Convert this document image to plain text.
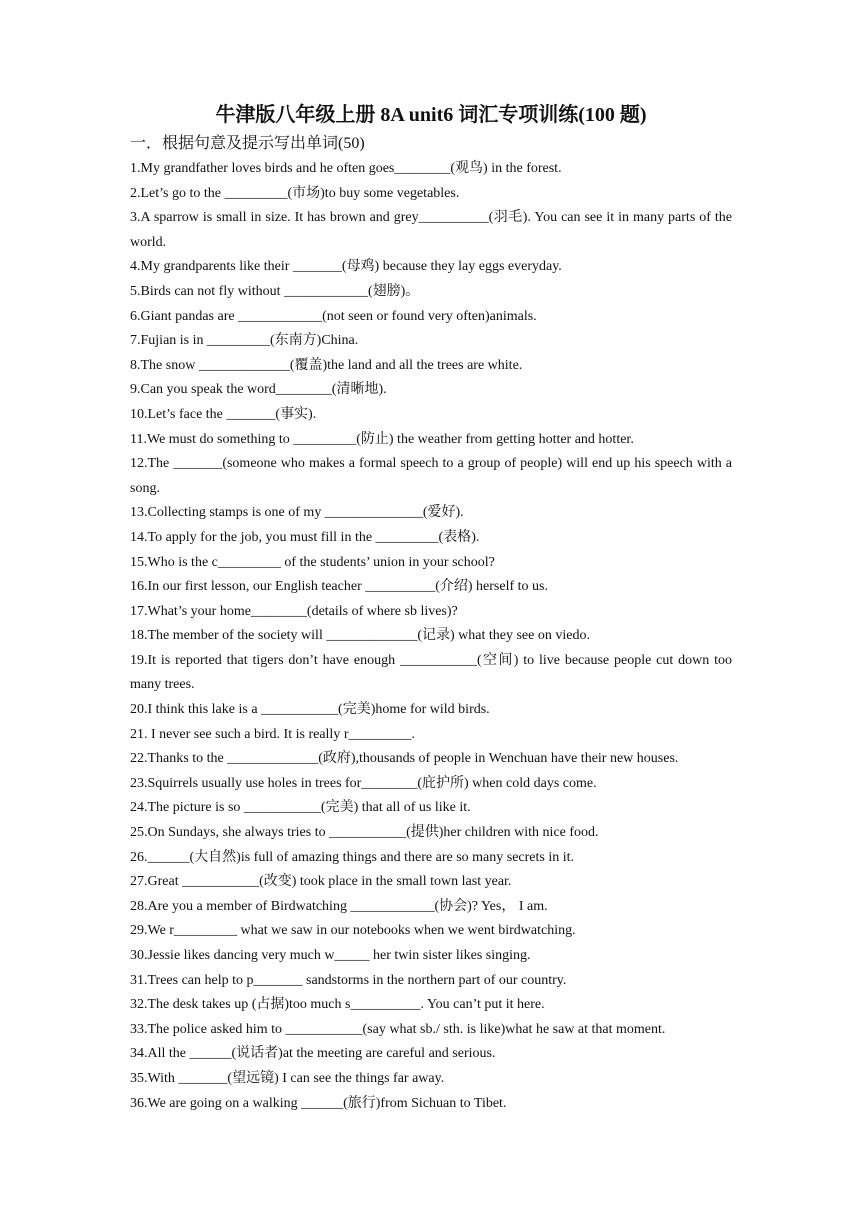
牛津版八年级上册 8A unit6 词汇专项训练(100 题)
一．根据句意及提示写出单词(50)
1.My grandfather loves birds and he often goes________(观鸟) in the forest.
2.Let’s go to the _________(市场)to buy some vegetables.
3.A sparrow is small in size. It has brown and grey__________(羽毛). You can see it in many parts of the world.
4.My grandparents like their _______(母鸡) because they lay eggs everyday.
5.Birds can not fly without ____________(翅膀)。
6.Giant pandas are ____________(not seen or found very often)animals.
7.Fujian is in _________(东南方)China.
8.The snow _____________(覆盖)the land and all the trees are white.
9.Can you speak the word________(清晰地).
10.Let’s face the _______(事实).
11.We must do something to _________(防止) the weather from getting hotter and hotter.
12.The _______(someone who makes a formal speech to a group of people) will end up his speech with a song.
13.Collecting stamps is one of my ______________(爱好).
14.To apply for the job, you must fill in the _________(表格).
15.Who is the c_________ of the students’ union in your school?
16.In our first lesson, our English teacher __________(介绍) herself to us.
17.What’s your home________(details of where sb lives)?
18.The member of the society will _____________(记录) what they see on viedo.
19.It is reported that tigers don’t have enough ___________(空间) to live because people cut down too many trees.
20.I think this lake is a ___________(完美)home for wild birds.
21. I never see such a bird. It is really r_________.
22.Thanks to the _____________(政府),thousands of people in Wenchuan have their new houses.
23.Squirrels usually use holes in trees for________(庇护所) when cold days come.
24.The picture is so ___________(完美) that all of us like it.
25.On Sundays, she always tries to ___________(提供)her children with nice food.
26.______(大自然)is full of amazing things and there are so many secrets in it.
27.Great ___________(改变) took place in the small town last year.
28.Are you a member of Birdwatching ____________(协会)? Yes， I am.
29.We r_________ what we saw in our notebooks when we went birdwatching.
30.Jessie likes dancing very much w_____ her twin sister likes singing.
31.Trees can help to p_______ sandstorms in the northern part of our country.
32.The desk takes up (占据)too much s__________. You can’t put it here.
33.The police asked him to ___________(say what sb./ sth. is like)what he saw at that moment.
34.All the ______(说话者)at the meeting are careful and serious.
35.With _______(望远镜) I can see the things far away.
36.We are going on a walking ______(旅行)from Sichuan to Tibet.
